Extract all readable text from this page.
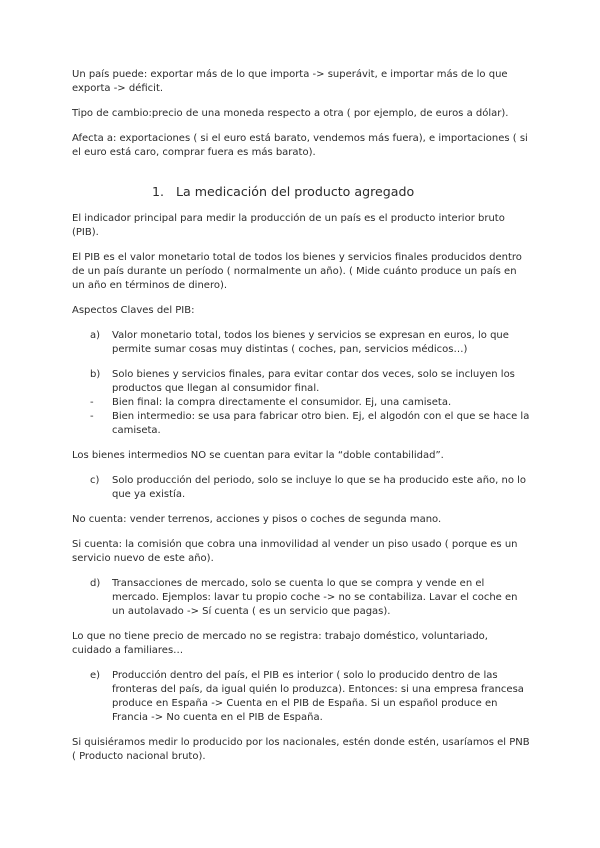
Un país puede: exportar más de lo que importa -> superávit, e importar más de lo que exporta -> déficit.

Tipo de cambio:precio de una moneda respecto a otra ( por ejemplo, de euros a dólar).

Afecta a: exportaciones ( si el euro está barato, vendemos más fuera), e importaciones ( si el euro está caro, comprar fuera es más barato).

1. La medicación del producto agregado

El indicador principal para medir la producción de un país es el producto interior bruto (PIB).

El PIB es el valor monetario total de todos los bienes y servicios finales producidos dentro de un país durante un período ( normalmente un año). ( Mide cuánto produce un país en un año en términos de dinero).

Aspectos Claves del PIB:

a)	Valor monetario total, todos los bienes y servicios se expresan en euros, lo que permite sumar cosas muy distintas ( coches, pan, servicios médicos…)
b)	Solo bienes y servicios finales, para evitar contar dos veces, solo se incluyen los productos que llegan al consumidor final.
-	Bien final: la compra directamente el consumidor. Ej, una camiseta.
-	Bien intermedio: se usa para fabricar otro bien. Ej, el algodón con el que se hace la camiseta.

Los bienes intermedios NO se cuentan para evitar la “doble contabilidad”.

c)	Solo producción del periodo, solo se incluye lo que se ha producido este año, no lo que ya existía.

No cuenta: vender terrenos, acciones y pisos o coches de segunda mano.

Si cuenta: la comisión que cobra una inmovilidad al vender un piso usado ( porque es un servicio nuevo de este año).

d)	Transacciones de mercado, solo se cuenta lo que se compra y vende en el mercado. Ejemplos: lavar tu propio coche -> no se contabiliza. Lavar el coche en un autolavado -> Sí cuenta ( es un servicio que pagas).

Lo que no tiene precio de mercado no se registra: trabajo doméstico, voluntariado, cuidado a familiares…

e)	Producción dentro del país, el PIB es interior ( solo lo producido dentro de las fronteras del país, da igual quién lo produzca). Entonces: si una empresa francesa produce en España -> Cuenta en el PIB de España. Si un español produce en Francia -> No cuenta en el PIB de España.

Si quisiéramos medir lo producido por los nacionales, estén donde estén, usaríamos el PNB ( Producto nacional bruto).
